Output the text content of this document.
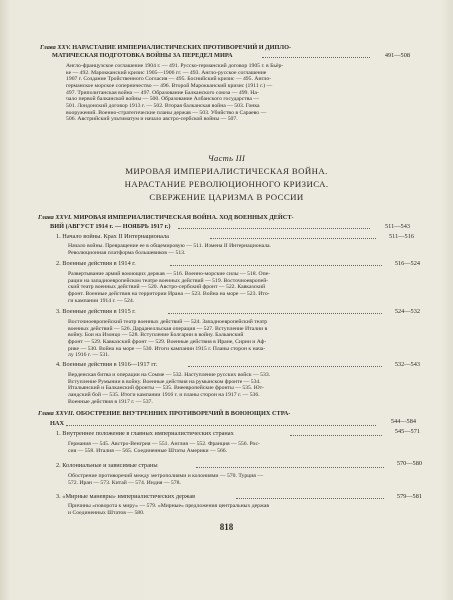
Глава XXV. НАРАСТАНИЕ ИМПЕРИАЛИСТИЧЕСКИХ ПРОТИВОРЕЧИЙ И ДИПЛО-
МАТИЧЕСКАЯ ПОДГОТОВКА ВОЙНЫ ЗА ПЕРЕДЕЛ МИРА	491—508
Англо-французское соглашение 1904 г. — 491. Русско-германский договор 1905 г. в Бьёр-
ке — 492. Марокканский кризис 1905—1906 гг. — 493. Англо-русское соглашение
1907 г. Создание Тройственного Согласия — 495. Боснийский кризис — 495. Англо-
германское морское соперничество — 496. Второй Марокканский кризис (1911 г.) —
497. Триполитанская война — 497. Образование Балканского союза — 499. На-
чало первой балканской войны — 500. Образование Албанского государства —
501. Лондонский договор 1913 г. — 502. Вторая балканская война — 503. Гонка
вооружений. Военно-стратегические планы держав — 503. Убийство в Сараево —
506. Австрийский ультиматум и начало австро-сербской войны — 507.
Часть III
МИРОВАЯ ИМПЕРИАЛИСТИЧЕСКАЯ ВОЙНА.
НАРАСТАНИЕ РЕВОЛЮЦИОННОГО КРИЗИСА.
СВЕРЖЕНИЕ ЦАРИЗМА В РОССИИ
Глава XXVI. МИРОВАЯ ИМПЕРИАЛИСТИЧЕСКАЯ ВОЙНА. ХОД ВОЕННЫХ ДЕЙСТ-
ВИЙ (АВГУСТ 1914 г. — НОЯБРЬ 1917 г.)	511—543
1. Начало войны. Крах II Интернационала	511—516
Начало войны. Превращение ее в общемировую — 511. Измена II Интернационала.
Революционная платформа большевиков — 513.
2. Военные действия в 1914 г.	516—524
Развертывание армий воюющих держав — 516. Военно-морские силы — 518. Опе-
рации на западноевропейском театре военных действий — 519. Восточноевропей-
ский театр военных действий — 520. Австро-сербский фронт — 522. Кавказский
фронт. Военные действия на территории Ирана — 523. Война на море — 523. Ито-
ги кампании 1914 г. — 524.
3. Военные действия в 1915 г.	524—532
Восточноевропейский театр военных действий — 524. Западноевропейский театр
военных действий — 526. Дарданелльская операция — 527. Вступление Италии в
войну. Бои на Изонцо — 528. Вступление Болгарии в войну. Балканский
фронт — 529. Кавказский фронт — 529. Военные действия в Иране, Сирии и Аф-
рике — 530. Война на море — 530. Итоги кампании 1915 г. Планы сторон к нача-
лу 1916 г. — 531.
4. Военные действия в 1916—1917 гг.	532—543
Верденская битва и операции на Сомме — 532. Наступление русских войск — 533.
Вступление Румынии в войну. Военные действия на румынском фронте — 534.
Итальянский и Балканский фронты — 535. Внеевропейские фронты — 535. Ют-
ландский бой — 535. Итоги кампании 1916 г. и планы сторон на 1917 г. — 536.
Военные действия в 1917 г. — 537.
Глава XXVII. ОБОСТРЕНИЕ ВНУТРЕННИХ ПРОТИВОРЕЧИЙ В ВОЮЮЩИХ СТРА-
НАХ	544—584
1. Внутреннее положение в главных империалистических странах	545—571
Германия — 545. Австро-Венгрия — 551. Англия — 552. Франция — 556. Рос-
сия — 558. Италия — 565. Соединенные Штаты Америки — 566.
2. Колониальные и зависимые страны	570—580
Обострение противоречий между метрополиями и колониями — 570. Турция —
572. Иран — 573. Китай — 574. Индия — 578.
3. «Мирные маневры» империалистических держав	579—581
Причины «поворота к миру» — 579. «Мирные» предложения центральных держав
и Соединенных Штатов — 580.
818
